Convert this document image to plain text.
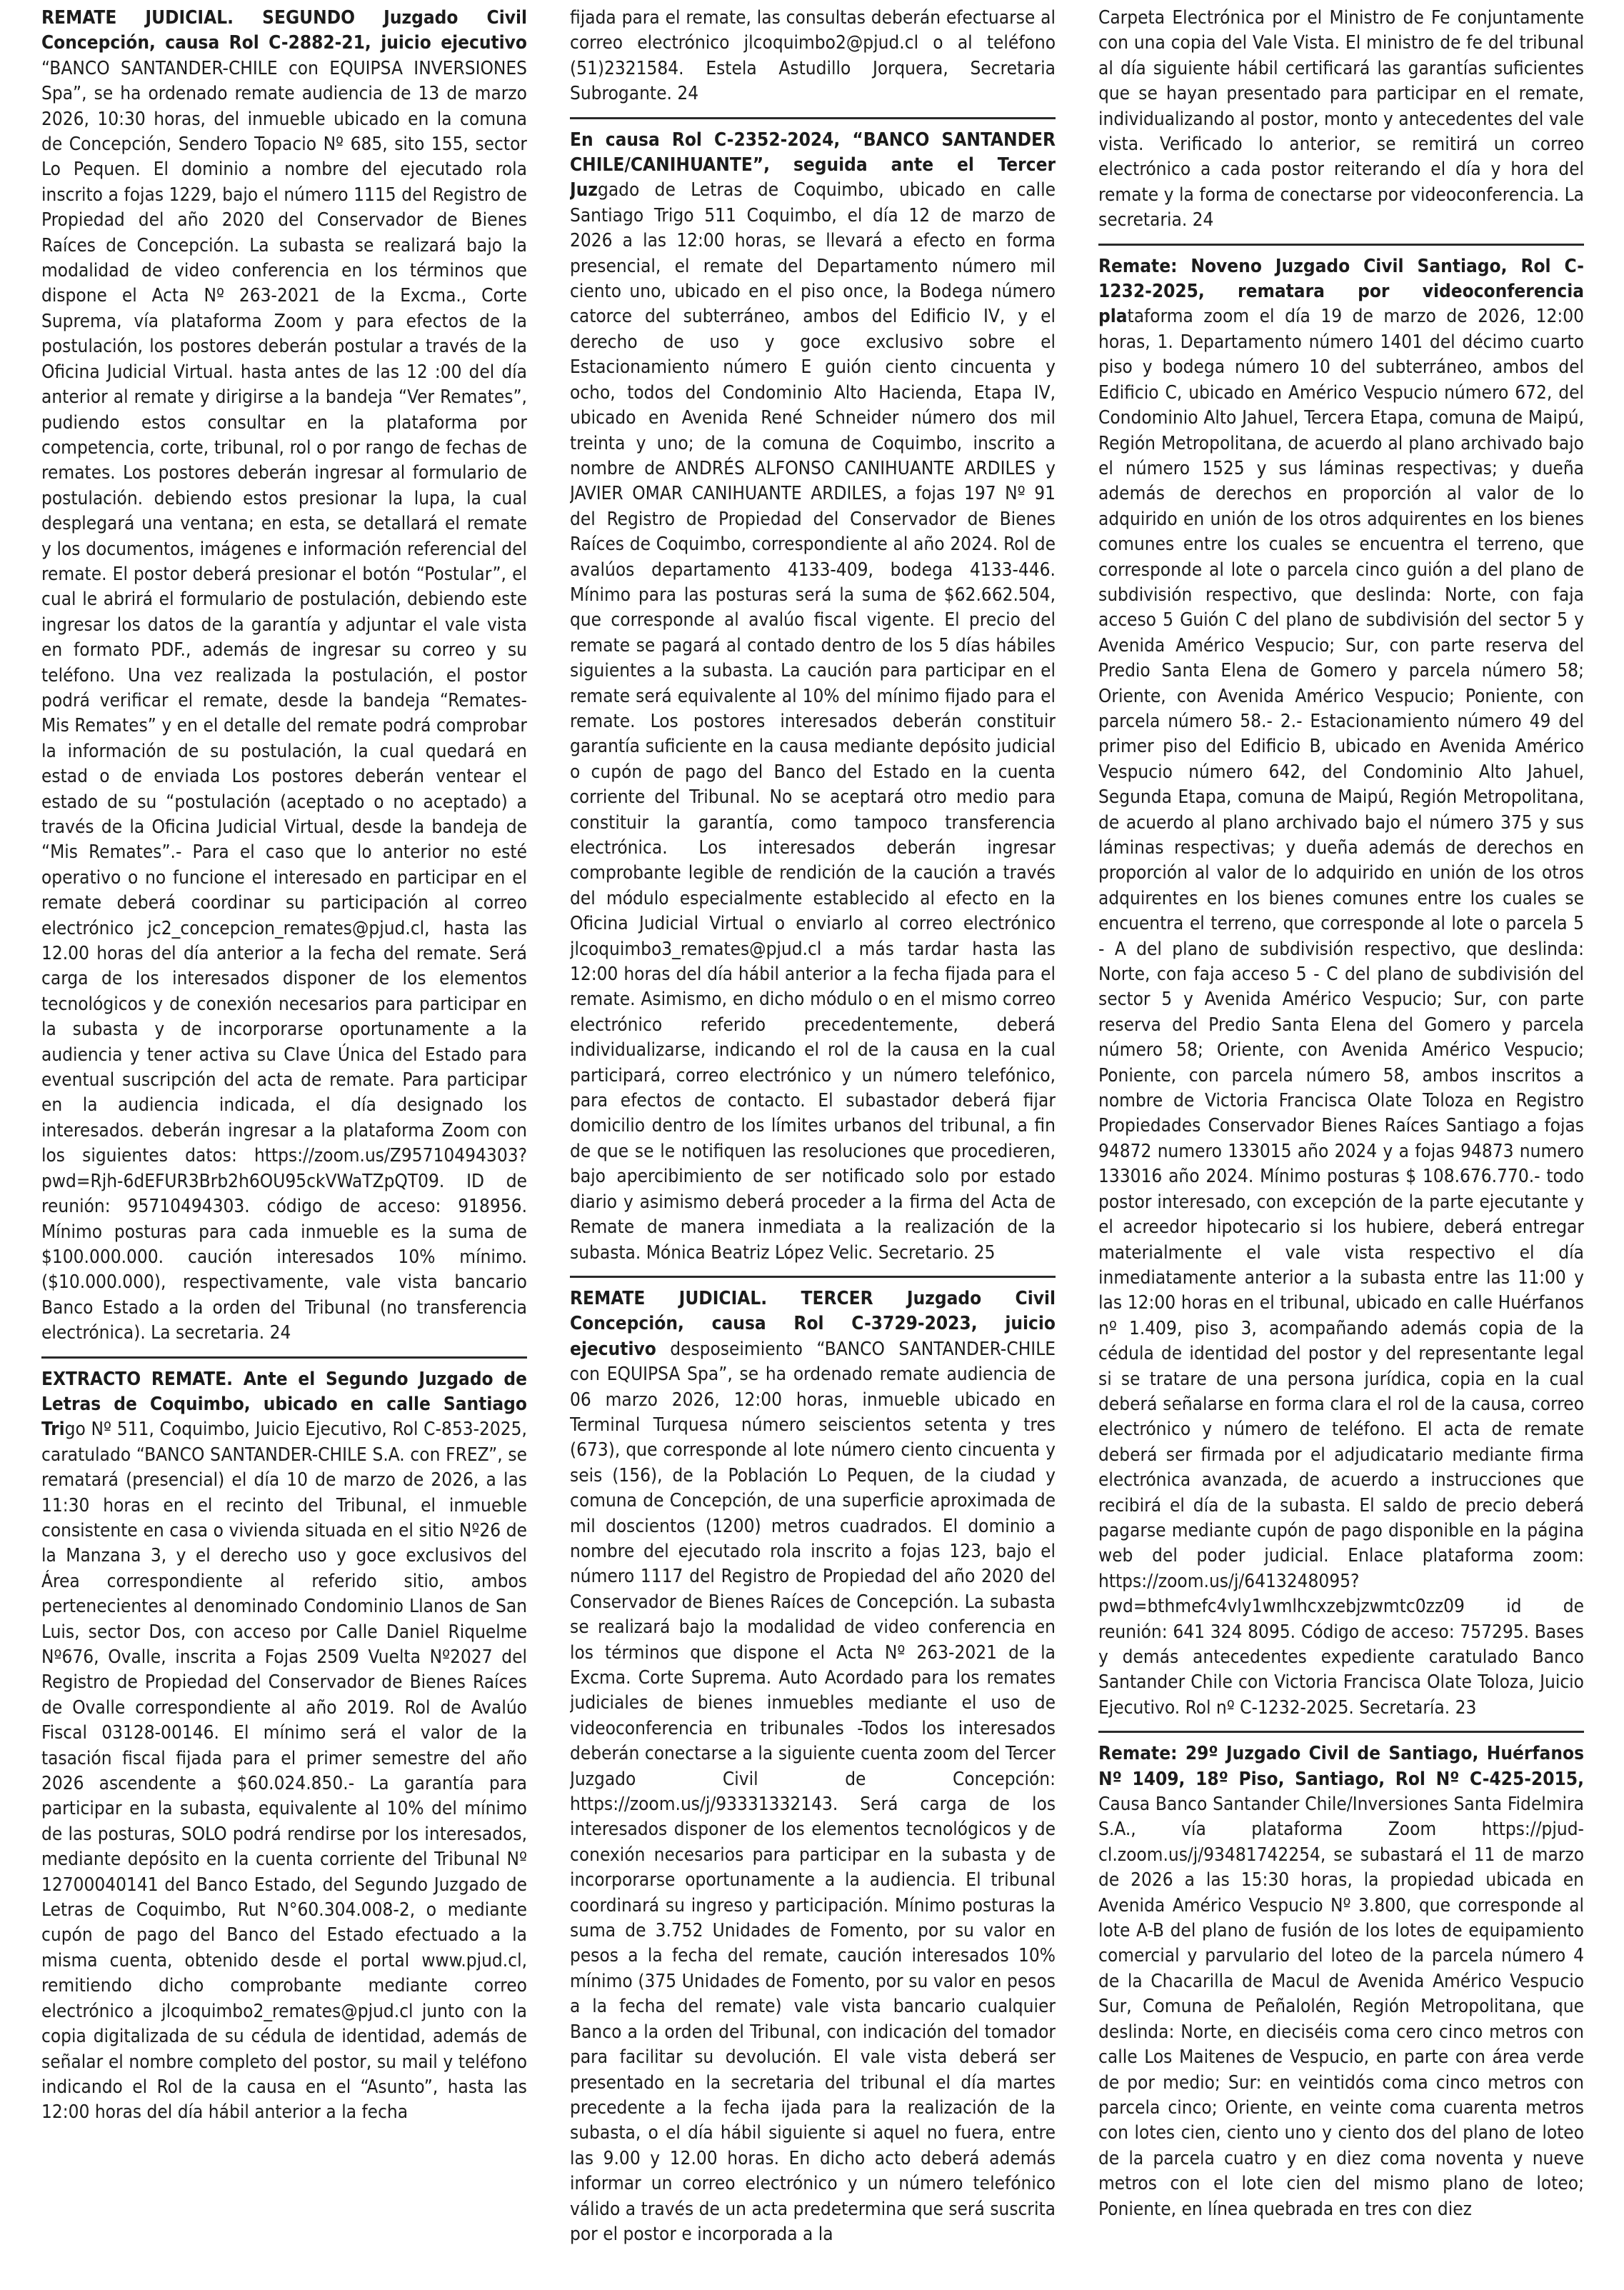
REMATE JUDICIAL. SEGUNDO Juzgado Civil Concepción, causa Rol C-2882-21, juicio ejecutivo “BANCO SANTANDER-CHILE con EQUIPSA INVERSIONES Spa”, se ha ordenado remate audiencia de 13 de marzo 2026, 10:30 horas, del inmueble ubicado en la comuna de Concepción, Sendero Topacio Nº 685, sito 155, sector Lo Pequen. El dominio a nombre del ejecutado rola inscrito a fojas 1229, bajo el número 1115 del Registro de Propiedad del año 2020 del Conservador de Bienes Raíces de Concepción. La subasta se realizará bajo la modalidad de video conferencia en los términos que dispone el Acta Nº 263-2021 de la Excma., Corte Suprema, vía plataforma Zoom y para efectos de la postulación, los postores deberán postular a través de la Oficina Judicial Virtual. hasta antes de las 12 :00 del día anterior al remate y dirigirse a la bandeja “Ver Remates”, pudiendo estos consultar en la plataforma por competencia, corte, tribunal, rol o por rango de fechas de remates. Los postores deberán ingresar al formulario de postulación. debiendo estos presionar la lupa, la cual desplegará una ventana; en esta, se detallará el remate y los documentos, imágenes e información referencial del remate. El postor deberá presionar el botón “Postular”, el cual le abrirá el formulario de postulación, debiendo este ingresar los datos de la garantía y adjuntar el vale vista en formato PDF., además de ingresar su correo y su teléfono. Una vez realizada la postulación, el postor podrá verificar el remate, desde la bandeja “Remates- Mis Remates” y en el detalle del remate podrá comprobar la información de su postulación, la cual quedará en estad o de enviada Los postores deberán ventear el estado de su “postulación (aceptado o no aceptado) a través de la Oficina Judicial Virtual, desde la bandeja de “Mis Remates”.- Para el caso que lo anterior no esté operativo o no funcione el interesado en participar en el remate deberá coordinar su participación al correo electrónico jc2_concepcion_remates@pjud.cl, hasta las 12.00 horas del día anterior a la fecha del remate. Será carga de los interesados disponer de los elementos tecnológicos y de conexión necesarios para participar en la subasta y de incorporarse oportunamente a la audiencia y tener activa su Clave Única del Estado para eventual suscripción del acta de remate. Para participar en la audiencia indicada, el día designado los interesados. deberán ingresar a la plataforma Zoom con los siguientes datos: https://zoom.us/Z95710494303?pwd=Rjh-6dEFUR3Brb2h6OU95ckVWaTZpQT09. ID de reunión: 95710494303. código de acceso: 918956. Mínimo posturas para cada inmueble es la suma de $100.000.000. caución interesados 10% mínimo. ($10.000.000), respectivamente, vale vista bancario Banco Estado a la orden del Tribunal (no transferencia electrónica). La secretaria. 24

EXTRACTO REMATE. Ante el Segundo Juzgado de Letras de Coquimbo, ubicado en calle Santiago Trigo Nº 511, Coquimbo, Juicio Ejecutivo, Rol C-853-2025, caratulado “BANCO SANTANDER-CHILE S.A. con FREZ”, se rematará (presencial) el día 10 de marzo de 2026, a las 11:30 horas en el recinto del Tribunal, el inmueble consistente en casa o vivienda situada en el sitio Nº26 de la Manzana 3, y el derecho uso y goce exclusivos del Área correspondiente al referido sitio, ambos pertenecientes al denominado Condominio Llanos de San Luis, sector Dos, con acceso por Calle Daniel Riquelme Nº676, Ovalle, inscrita a Fojas 2509 Vuelta Nº2027 del Registro de Propiedad del Conservador de Bienes Raíces de Ovalle correspondiente al año 2019. Rol de Avalúo Fiscal 03128-00146. El mínimo será el valor de la tasación fiscal fijada para el primer semestre del año 2026 ascendente a $60.024.850.- La garantía para participar en la subasta, equivalente al 10% del mínimo de las posturas, SOLO podrá rendirse por los interesados, mediante depósito en la cuenta corriente del Tribunal Nº 12700040141 del Banco Estado, del Segundo Juzgado de Letras de Coquimbo, Rut N°60.304.008-2, o mediante cupón de pago del Banco del Estado efectuado a la misma cuenta, obtenido desde el portal www.pjud.cl, remitiendo dicho comprobante mediante correo electrónico a jlcoquimbo2_remates@pjud.cl junto con la copia digitalizada de su cédula de identidad, además de señalar el nombre completo del postor, su mail y teléfono indicando el Rol de la causa en el “Asunto”, hasta las 12:00 horas del día hábil anterior a la fecha

fijada para el remate, las consultas deberán efectuarse al correo electrónico jlcoquimbo2@pjud.cl o al teléfono (51)2321584. Estela Astudillo Jorquera, Secretaria Subrogante. 24

En causa Rol C-2352-2024, “BANCO SANTANDER CHILE/CANIHUANTE”, seguida ante el Tercer Juzgado de Letras de Coquimbo, ubicado en calle Santiago Trigo 511 Coquimbo, el día 12 de marzo de 2026 a las 12:00 horas, se llevará a efecto en forma presencial, el remate del Departamento número mil ciento uno, ubicado en el piso once, la Bodega número catorce del subterráneo, ambos del Edificio IV, y el derecho de uso y goce exclusivo sobre el Estacionamiento número E guión ciento cincuenta y ocho, todos del Condominio Alto Hacienda, Etapa IV, ubicado en Avenida René Schneider número dos mil treinta y uno; de la comuna de Coquimbo, inscrito a nombre de ANDRÉS ALFONSO CANIHUANTE ARDILES y JAVIER OMAR CANIHUANTE ARDILES, a fojas 197 Nº 91 del Registro de Propiedad del Conservador de Bienes Raíces de Coquimbo, correspondiente al año 2024. Rol de avalúos departamento 4133-409, bodega 4133-446. Mínimo para las posturas será la suma de $62.662.504, que corresponde al avalúo fiscal vigente. El precio del remate se pagará al contado dentro de los 5 días hábiles siguientes a la subasta. La caución para participar en el remate será equivalente al 10% del mínimo fijado para el remate. Los postores interesados deberán constituir garantía suficiente en la causa mediante depósito judicial o cupón de pago del Banco del Estado en la cuenta corriente del Tribunal. No se aceptará otro medio para constituir la garantía, como tampoco transferencia electrónica. Los interesados deberán ingresar comprobante legible de rendición de la caución a través del módulo especialmente establecido al efecto en la Oficina Judicial Virtual o enviarlo al correo electrónico jlcoquimbo3_remates@pjud.cl a más tardar hasta las 12:00 horas del día hábil anterior a la fecha fijada para el remate. Asimismo, en dicho módulo o en el mismo correo electrónico referido precedentemente, deberá individualizarse, indicando el rol de la causa en la cual participará, correo electrónico y un número telefónico, para efectos de contacto. El subastador deberá fijar domicilio dentro de los límites urbanos del tribunal, a fin de que se le notifiquen las resoluciones que procedieren, bajo apercibimiento de ser notificado solo por estado diario y asimismo deberá proceder a la firma del Acta de Remate de manera inmediata a la realización de la subasta. Mónica Beatriz López Velic. Secretario. 25

REMATE JUDICIAL. TERCER Juzgado Civil Concepción, causa Rol C-3729-2023, juicio ejecutivo desposeimiento “BANCO SANTANDER-CHILE con EQUIPSA Spa”, se ha ordenado remate audiencia de 06 marzo 2026, 12:00 horas, inmueble ubicado en Terminal Turquesa número seiscientos setenta y tres (673), que corresponde al lote número ciento cincuenta y seis (156), de la Población Lo Pequen, de la ciudad y comuna de Concepción, de una superficie aproximada de mil doscientos (1200) metros cuadrados. El dominio a nombre del ejecutado rola inscrito a fojas 123, bajo el número 1117 del Registro de Propiedad del año 2020 del Conservador de Bienes Raíces de Concepción. La subasta se realizará bajo la modalidad de video conferencia en los términos que dispone el Acta Nº 263-2021 de la Excma. Corte Suprema. Auto Acordado para los remates judiciales de bienes inmuebles mediante el uso de videoconferencia en tribunales -Todos los interesados deberán conectarse a la siguiente cuenta zoom del Tercer Juzgado Civil de Concepción: https://zoom.us/j/93331332143. Será carga de los interesados disponer de los elementos tecnológicos y de conexión necesarios para participar en la subasta y de incorporarse oportunamente a la audiencia. El tribunal coordinará su ingreso y participación. Mínimo posturas la suma de 3.752 Unidades de Fomento, por su valor en pesos a la fecha del remate, caución interesados 10% mínimo (375 Unidades de Fomento, por su valor en pesos a la fecha del remate) vale vista bancario cualquier Banco a la orden del Tribunal, con indicación del tomador para facilitar su devolución. El vale vista deberá ser presentado en la secretaria del tribunal el día martes precedente a la fecha ijada para la realización de la subasta, o el día hábil siguiente si aquel no fuera, entre las 9.00 y 12.00 horas. En dicho acto deberá además informar un correo electrónico y un número telefónico válido a través de un acta predetermina que será suscrita por el postor e incorporada a la

Carpeta Electrónica por el Ministro de Fe conjuntamente con una copia del Vale Vista. El ministro de fe del tribunal al día siguiente hábil certificará las garantías suficientes que se hayan presentado para participar en el remate, individualizando al postor, monto y antecedentes del vale vista. Verificado lo anterior, se remitirá un correo electrónico a cada postor reiterando el día y hora del remate y la forma de conectarse por videoconferencia. La secretaria. 24

Remate: Noveno Juzgado Civil Santiago, Rol C-1232-2025, rematara por videoconferencia plataforma zoom el día 19 de marzo de 2026, 12:00 horas, 1. Departamento número 1401 del décimo cuarto piso y bodega número 10 del subterráneo, ambos del Edificio C, ubicado en Américo Vespucio número 672, del Condominio Alto Jahuel, Tercera Etapa, comuna de Maipú, Región Metropolitana, de acuerdo al plano archivado bajo el número 1525 y sus láminas respectivas; y dueña además de derechos en proporción al valor de lo adquirido en unión de los otros adquirentes en los bienes comunes entre los cuales se encuentra el terreno, que corresponde al lote o parcela cinco guión a del plano de subdivisión respectivo, que deslinda: Norte, con faja acceso 5 Guión C del plano de subdivisión del sector 5 y Avenida Américo Vespucio; Sur, con parte reserva del Predio Santa Elena de Gomero y parcela número 58; Oriente, con Avenida Américo Vespucio; Poniente, con parcela número 58.- 2.- Estacionamiento número 49 del primer piso del Edificio B, ubicado en Avenida Américo Vespucio número 642, del Condominio Alto Jahuel, Segunda Etapa, comuna de Maipú, Región Metropolitana, de acuerdo al plano archivado bajo el número 375 y sus láminas respectivas; y dueña además de derechos en proporción al valor de lo adquirido en unión de los otros adquirentes en los bienes comunes entre los cuales se encuentra el terreno, que corresponde al lote o parcela 5 - A del plano de subdivisión respectivo, que deslinda: Norte, con faja acceso 5 - C del plano de subdivisión del sector 5 y Avenida Américo Vespucio; Sur, con parte reserva del Predio Santa Elena del Gomero y parcela número 58; Oriente, con Avenida Américo Vespucio; Poniente, con parcela número 58, ambos inscritos a nombre de Victoria Francisca Olate Toloza en Registro Propiedades Conservador Bienes Raíces Santiago a fojas 94872 numero 133015 año 2024 y a fojas 94873 numero 133016 año 2024. Mínimo posturas $ 108.676.770.- todo postor interesado, con excepción de la parte ejecutante y el acreedor hipotecario si los hubiere, deberá entregar materialmente el vale vista respectivo el día inmediatamente anterior a la subasta entre las 11:00 y las 12:00 horas en el tribunal, ubicado en calle Huérfanos nº 1.409, piso 3, acompañando además copia de la cédula de identidad del postor y del representante legal si se tratare de una persona jurídica, copia en la cual deberá señalarse en forma clara el rol de la causa, correo electrónico y número de teléfono. El acta de remate deberá ser firmada por el adjudicatario mediante firma electrónica avanzada, de acuerdo a instrucciones que recibirá el día de la subasta. El saldo de precio deberá pagarse mediante cupón de pago disponible en la página web del poder judicial. Enlace plataforma zoom: https://zoom.us/j/6413248095?pwd=bthmefc4vly1wmlhcxzebjzwmtc0zz09 id de reunión: 641 324 8095. Código de acceso: 757295. Bases y demás antecedentes expediente caratulado Banco Santander Chile con Victoria Francisca Olate Toloza, Juicio Ejecutivo. Rol nº C-1232-2025. Secretaría. 23

Remate: 29º Juzgado Civil de Santiago, Huérfanos Nº 1409, 18º Piso, Santiago, Rol Nº C-425-2015, Causa Banco Santander Chile/Inversiones Santa Fidelmira S.A., vía plataforma Zoom https://pjud-cl.zoom.us/j/93481742254, se subastará el 11 de marzo de 2026 a las 15:30 horas, la propiedad ubicada en Avenida Américo Vespucio Nº 3.800, que corresponde al lote A-B del plano de fusión de los lotes de equipamiento comercial y parvulario del loteo de la parcela número 4 de la Chacarilla de Macul de Avenida Américo Vespucio Sur, Comuna de Peñalolén, Región Metropolitana, que deslinda: Norte, en dieciséis coma cero cinco metros con calle Los Maitenes de Vespucio, en parte con área verde de por medio; Sur: en veintidós coma cinco metros con parcela cinco; Oriente, en veinte coma cuarenta metros con lotes cien, ciento uno y ciento dos del plano de loteo de la parcela cuatro y en diez coma noventa y nueve metros con el lote cien del mismo plano de loteo; Poniente, en línea quebrada en tres con diez
